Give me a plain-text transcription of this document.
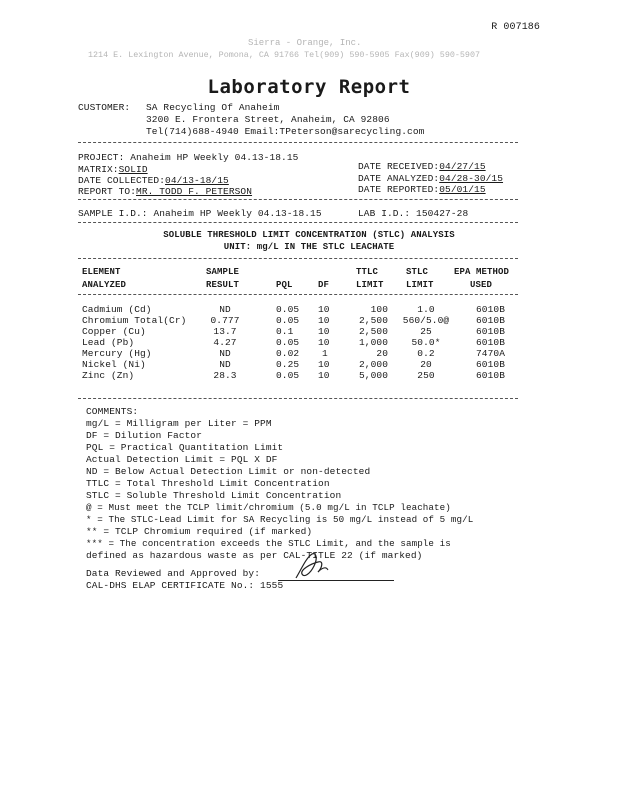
R 007186
Sierra - Orange, Inc.
1214 E. Lexington Avenue, Pomona, CA 91766 Tel(909) 590-5905 Fax(909) 590-5907
Laboratory Report
CUSTOMER: SA Recycling Of Anaheim
3200 E. Frontera Street, Anaheim, CA 92806
Tel(714)688-4940 Email:TPeterson@sarecycling.com
PROJECT: Anaheim HP Weekly 04.13-18.15
MATRIX:SOLID
DATE COLLECTED:04/13-18/15
REPORT TO:MR. TODD F. PETERSON
DATE RECEIVED:04/27/15
DATE ANALYZED:04/28-30/15
DATE REPORTED:05/01/15
SAMPLE I.D.: Anaheim HP Weekly 04.13-18.15	LAB I.D.: 150427-28
SOLUBLE THRESHOLD LIMIT CONCENTRATION (STLC) ANALYSIS
UNIT: mg/L IN THE STLC LEACHATE
ELEMENT
ANALYZED
SAMPLE
RESULT	PQL	DF
TTLC
LIMIT
STLC
LIMIT
EPA METHOD
USED
Cadmium (Cd)	ND	0.05 10	100	1.0	6010B
Chromium Total(Cr)	0.777	0.05 10	2,500	560/5.0@	6010B
Copper (Cu)	13.7	0.1	10	2,500	25	6010B
Lead (Pb)	4.27	0.05 10	1,000	50.0*	6010B
Mercury (Hg)	ND	0.02 1	20	0.2	7470A
Nickel (Ni)	ND	0.25 10	2,000	20	6010B
Zinc (Zn)	28.3	0.05 10	5,000	250	6010B
COMMENTS:
mg/L = Milligram per Liter = PPM
DF = Dilution Factor
PQL = Practical Quantitation Limit
Actual Detection Limit = PQL X DF
ND = Below Actual Detection Limit or non-detected
TTLC = Total Threshold Limit Concentration
STLC = Soluble Threshold Limit Concentration
@ = Must meet the TCLP limit/chromium (5.0 mg/L in TCLP leachate)
* = The STLC-Lead Limit for SA Recycling is 50 mg/L instead of 5 mg/L
** = TCLP Chromium required (if marked)
*** = The concentration exceeds the STLC Limit, and the sample is
defined as hazardous waste as per CAL-TITLE 22 (if marked)
Data Reviewed and Approved by:
CAL-DHS ELAP CERTIFICATE No.: 1555
